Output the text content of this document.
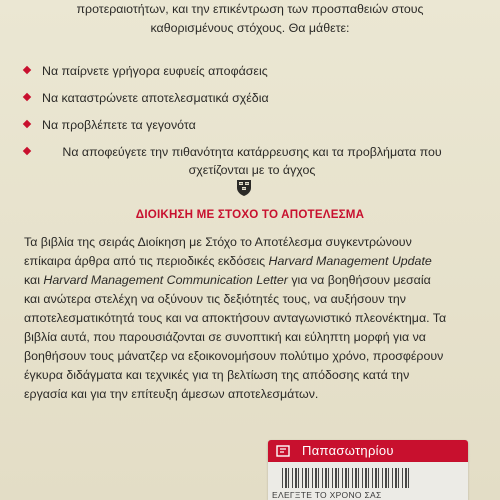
προτεραιοτήτων, και την επικέντρωση των προσπαθειών στους
καθορισμένους στόχους. Θα μάθετε:
Να παίρνετε γρήγορα ευφυείς αποφάσεις
Να καταστρώνετε αποτελεσματικά σχέδια
Να προβλέπετε τα γεγονότα
Να αποφεύγετε την πιθανότητα κατάρρευσης και τα προβλήματα που σχετίζονται με το άγχος
ΔΙΟΙΚΗΣΗ ΜΕ ΣΤΟΧΟ ΤΟ ΑΠΟΤΕΛΕΣΜΑ
Τα βιβλία της σειράς Διοίκηση με Στόχο το Αποτέλεσμα συγκεντρώνουν
επίκαιρα άρθρα από τις περιοδικές εκδόσεις Harvard Management Update
και Harvard Management Communication Letter για να βοηθήσουν μεσαία
και ανώτερα στελέχη να οξύνουν τις δεξιότητές τους, να αυξήσουν την
αποτελεσματικότητά τους και να αποκτήσουν ανταγωνιστικό πλεονέκτημα. Τα
βιβλία αυτά, που παρουσιάζονται σε συνοπτική και εύληπτη μορφή για να
βοηθήσουν τους μάνατζερ να εξοικονομήσουν πολύτιμο χρόνο, προσφέρουν
έγκυρα διδάγματα και τεχνικές για τη βελτίωση της απόδοσης κατά την
εργασία και για την επίτευξη άμεσων αποτελεσμάτων.
Παπασωτηρίου
ΕΛΕΓΞΤΕ ΤΟ ΧΡΟΝΟ ΣΑΣ
